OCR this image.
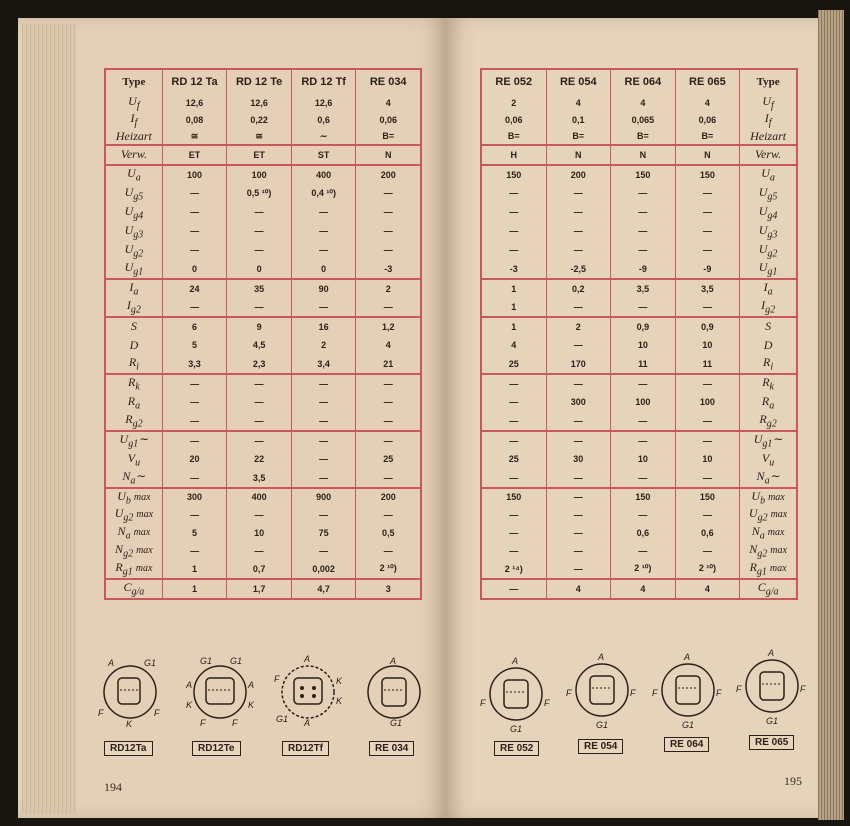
Type	RD 12 Ta	RD 12 Te	RD 12 Tf	RE 034
$U_f$	12,6	12,6	12,6	4
$I_f$	0,08	0,22	0,6	0,06
Heizart	≅	≅	∼	B=
Verw.	ET	ET	ST	N
$U_a$	100	100	400	200
$U_{g5}$	—	0,5 ¹⁰)	0,4 ¹⁰)	—
$U_{g4}$	—	—	—	—
$U_{g3}$	—	—	—	—
$U_{g2}$	—	—	—	—
$U_{g1}$	0	0	0	-3
$I_a$	24	35	90	2
$I_{g2}$	—	—	—	—
S	6	9	16	1,2
D	5	4,5	2	4
$R_i$	3,3	2,3	3,4	21
$R_k$	—	—	—	—
$R_a$	—	—	—	—
$R_{g2}$	—	—	—	—
$U_{g1}\sim$	—	—	—	—
$V_u$	20	22	—	25
$N_a\sim$	—	3,5	—	—
$U_b$ max	300	400	900	200
$U_{g2}$ max	—	—	—	—
$N_a$ max	5	10	75	0,5
$N_{g2}$ max	—	—	—	—
$R_{g1}$ max	1	0,7	0,002	2 ¹⁰)
$C_{g/a}$	1	1,7	4,7	3
RE 052	RE 054	RE 064	RE 065	Type
2	4	4	4	$U_f$
0,06	0,1	0,065	0,06	$I_f$
B=	B=	B=	B=	Heizart
H	N	N	N	Verw.
150	200	150	150	$U_a$
—	—	—	—	$U_{g5}$
—	—	—	—	$U_{g4}$
—	—	—	—	$U_{g3}$
—	—	—	—	$U_{g2}$
-3	-2,5	-9	-9	$U_{g1}$
1	0,2	3,5	3,5	$I_a$
1	—	—	—	$I_{g2}$
1	2	0,9	0,9	S
4	—	10	10	D
25	170	11	11	$R_i$
—	—	—	—	$R_k$
—	300	100	100	$R_a$
—	—	—	—	$R_{g2}$
—	—	—	—	$U_{g1}\sim$
25	30	10	10	$V_u$
—	—	—	—	$N_a\sim$
150	—	150	150	$U_b$ max
—	—	—	—	$U_{g2}$ max
—	—	0,6	0,6	$N_a$ max
—	—	—	—	$N_{g2}$ max
2 ¹⁴)	—	2 ¹⁰)	2 ¹⁰)	$R_{g1}$ max
—	4	4	4	$C_{g/a}$
A	G1
F	F
K
G1 G1
A	A
K	K
F	F
A
F	K
K
G1 A
A
G1
A
F	F
G1
A
F	F
G1
A
F	F
G1
A
F	F
G1
RD12Ta	RD12Te	RD12Tf	RE 034	RE 052	RE 054	RE 064	RE 065
194	195
